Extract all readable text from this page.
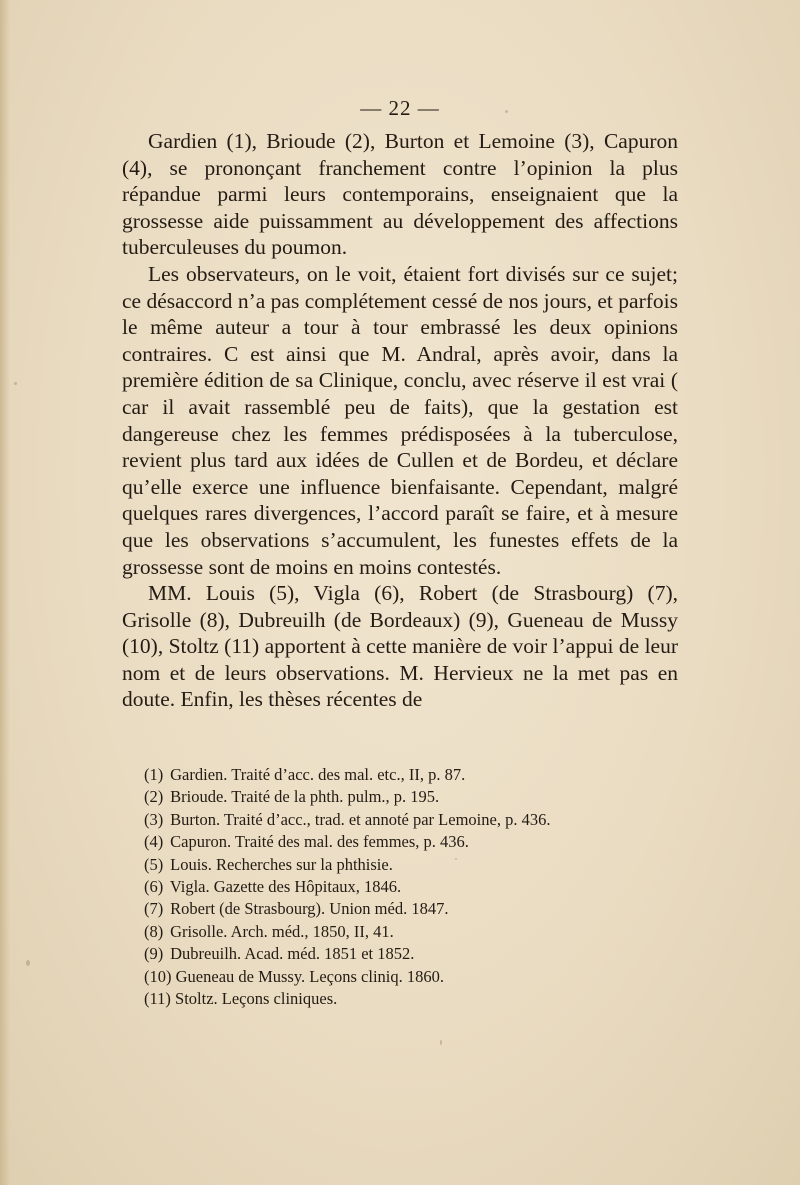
— 22 —

Gardien (1), Brioude (2), Burton et Lemoine (3), Capuron (4), se prononçant franchement contre l’opinion la plus répandue parmi leurs contemporains, enseignaient que la grossesse aide puissamment au développement des affections tuberculeuses du poumon.

Les observateurs, on le voit, étaient fort divisés sur ce sujet; ce désaccord n’a pas complétement cessé de nos jours, et parfois le même auteur a tour à tour embrassé les deux opinions contraires. C est ainsi que M. Andral, après avoir, dans la première édition de sa Clinique, conclu, avec réserve il est vrai ( car il avait rassemblé peu de faits), que la gestation est dangereuse chez les femmes prédisposées à la tuberculose, revient plus tard aux idées de Cullen et de Bordeu, et déclare qu’elle exerce une influence bienfaisante. Cependant, malgré quelques rares divergences, l’accord paraît se faire, et à mesure que les observations s’accumulent, les funestes effets de la grossesse sont de moins en moins contestés.

MM. Louis (5), Vigla (6), Robert (de Strasbourg) (7), Grisolle (8), Dubreuilh (de Bordeaux) (9), Gueneau de Mussy (10), Stoltz (11) apportent à cette manière de voir l’appui de leur nom et de leurs observations. M. Hervieux ne la met pas en doute. Enfin, les thèses récentes de

(1) Gardien. Traité d’acc. des mal. etc., II, p. 87.
(2) Brioude. Traité de la phth. pulm., p. 195.
(3) Burton. Traité d’acc., trad. et annoté par Lemoine, p. 436.
(4) Capuron. Traité des mal. des femmes, p. 436.
(5) Louis. Recherches sur la phthisie.
(6) Vigla. Gazette des Hôpitaux, 1846.
(7) Robert (de Strasbourg). Union méd. 1847.
(8) Grisolle. Arch. méd., 1850, II, 41.
(9) Dubreuilh. Acad. méd. 1851 et 1852.
(10) Gueneau de Mussy. Leçons cliniq. 1860.
(11) Stoltz. Leçons cliniques.
